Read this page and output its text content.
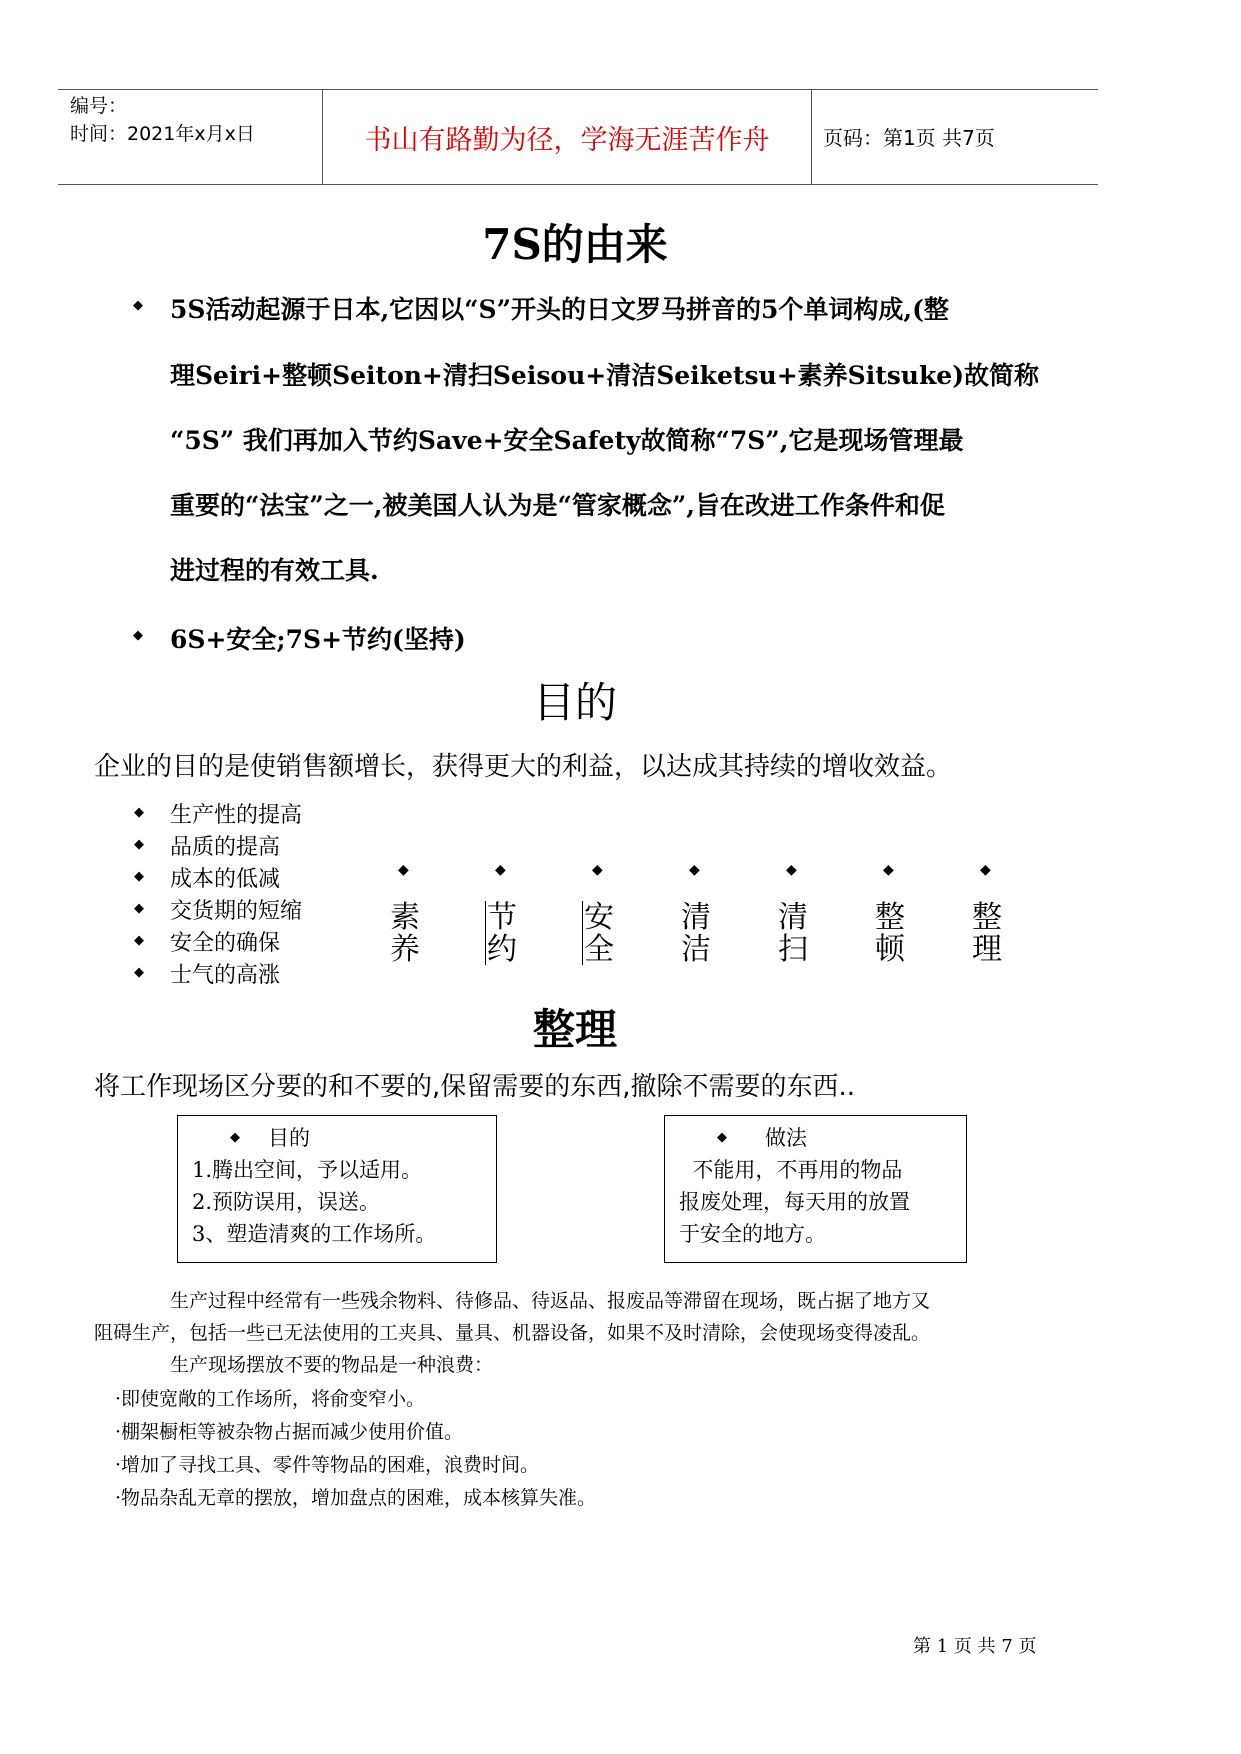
编号：
时间：2021年x月x日	书山有路勤为径，学海无涯苦作舟	页码：第1页 共7页
7S的由来
◆ 5S活动起源于日本,它因以“S”开头的日文罗马拼音的5个单词构成,(整
理Seiri+整顿Seiton+清扫Seisou+清洁Seiketsu+素养Sitsuke)故简称
“5S” 我们再加入节约Save+安全Safety故简称“7S”,它是现场管理最
重要的“法宝”之一,被美国人认为是“管家概念”,旨在改进工作条件和促
进过程的有效工具.
◆ 6S+安全;7S+节约(坚持)
目的
企业的目的是使销售额增长，获得更大的利益，以达成其持续的增收效益。
◆ 生产性的提高
◆ 品质的提高
◆ 成本的低减
◆ 交货期的短缩
◆ 安全的确保
◆ 士气的高涨
◆
素
养
◆
节
约
◆
安
全
◆
清
洁
◆
清
扫
◆
整
顿
◆
整
理
整理
将工作现场区分要的和不要的,保留需要的东西,撤除不需要的东西..
◆ 目的
1.腾出空间，予以适用。
2.预防误用，误送。
3、塑造清爽的工作场所。
◆ 做法
不能用，不再用的物品
报废处理，每天用的放置
于安全的地方。
生产过程中经常有一些残余物料、待修品、待返品、报废品等滞留在现场，既占据了地方又
阻碍生产，包括一些已无法使用的工夹具、量具、机器设备，如果不及时清除，会使现场变得凌乱。
生产现场摆放不要的物品是一种浪费：
·即使宽敞的工作场所，将俞变窄小。
·棚架橱柜等被杂物占据而减少使用价值。
·增加了寻找工具、零件等物品的困难，浪费时间。
·物品杂乱无章的摆放，增加盘点的困难，成本核算失准。
第 1 页 共 7 页
